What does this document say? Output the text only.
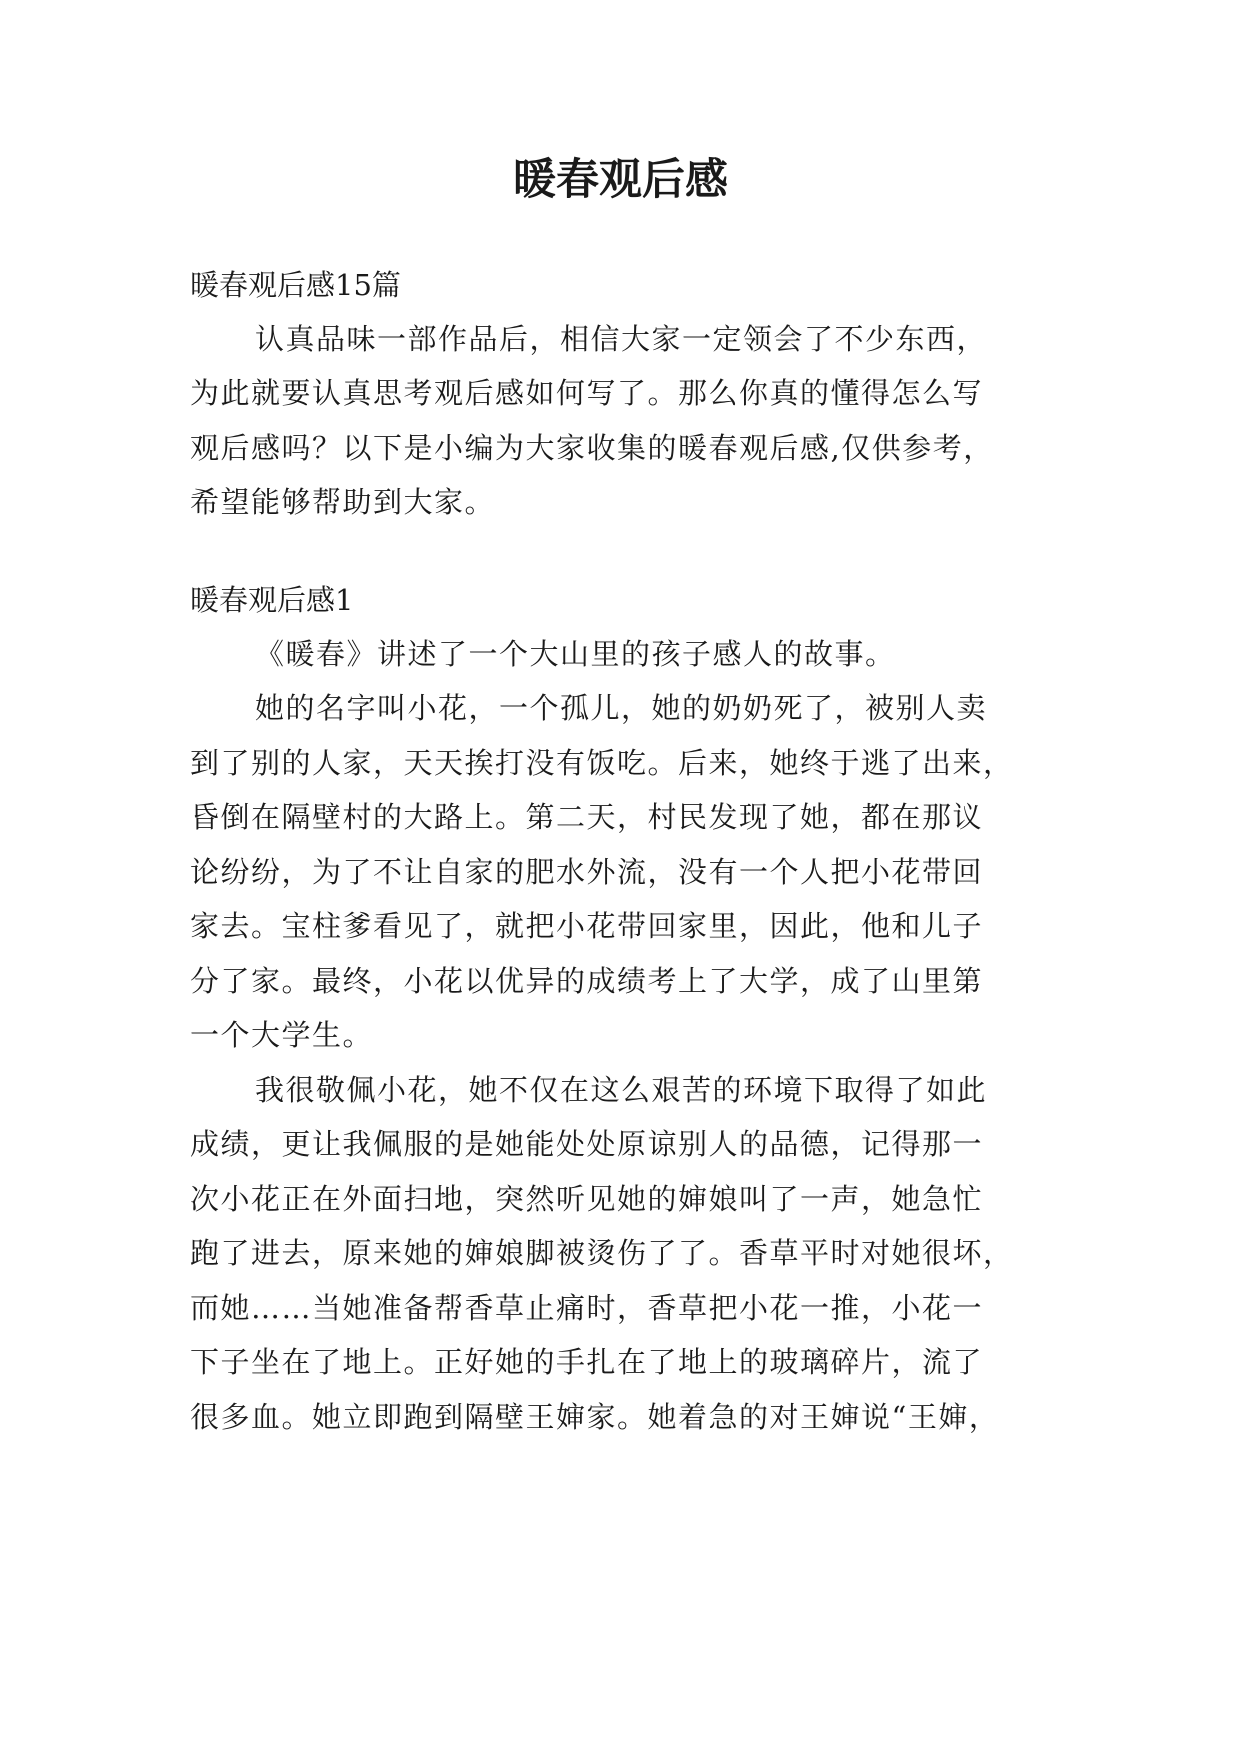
暖春观后感

暖春观后感15篇

认真品味一部作品后，相信大家一定领会了不少东西，

为此就要认真思考观后感如何写了。那么你真的懂得怎么写

观后感吗？以下是小编为大家收集的暖春观后感,仅供参考，

希望能够帮助到大家。

暖春观后感1

《暖春》讲述了一个大山里的孩子感人的故事。

她的名字叫小花，一个孤儿，她的奶奶死了，被别人卖

到了别的人家，天天挨打没有饭吃。后来，她终于逃了出来，

昏倒在隔壁村的大路上。第二天，村民发现了她，都在那议

论纷纷，为了不让自家的肥水外流，没有一个人把小花带回

家去。宝柱爹看见了，就把小花带回家里，因此，他和儿子

分了家。最终，小花以优异的成绩考上了大学，成了山里第

一个大学生。

我很敬佩小花，她不仅在这么艰苦的环境下取得了如此

成绩，更让我佩服的是她能处处原谅别人的品德，记得那一

次小花正在外面扫地，突然听见她的婶娘叫了一声，她急忙

跑了进去，原来她的婶娘脚被烫伤了了。香草平时对她很坏，

而她……当她准备帮香草止痛时，香草把小花一推，小花一

下子坐在了地上。正好她的手扎在了地上的玻璃碎片，流了

很多血。她立即跑到隔壁王婶家。她着急的对王婶说“王婶，
